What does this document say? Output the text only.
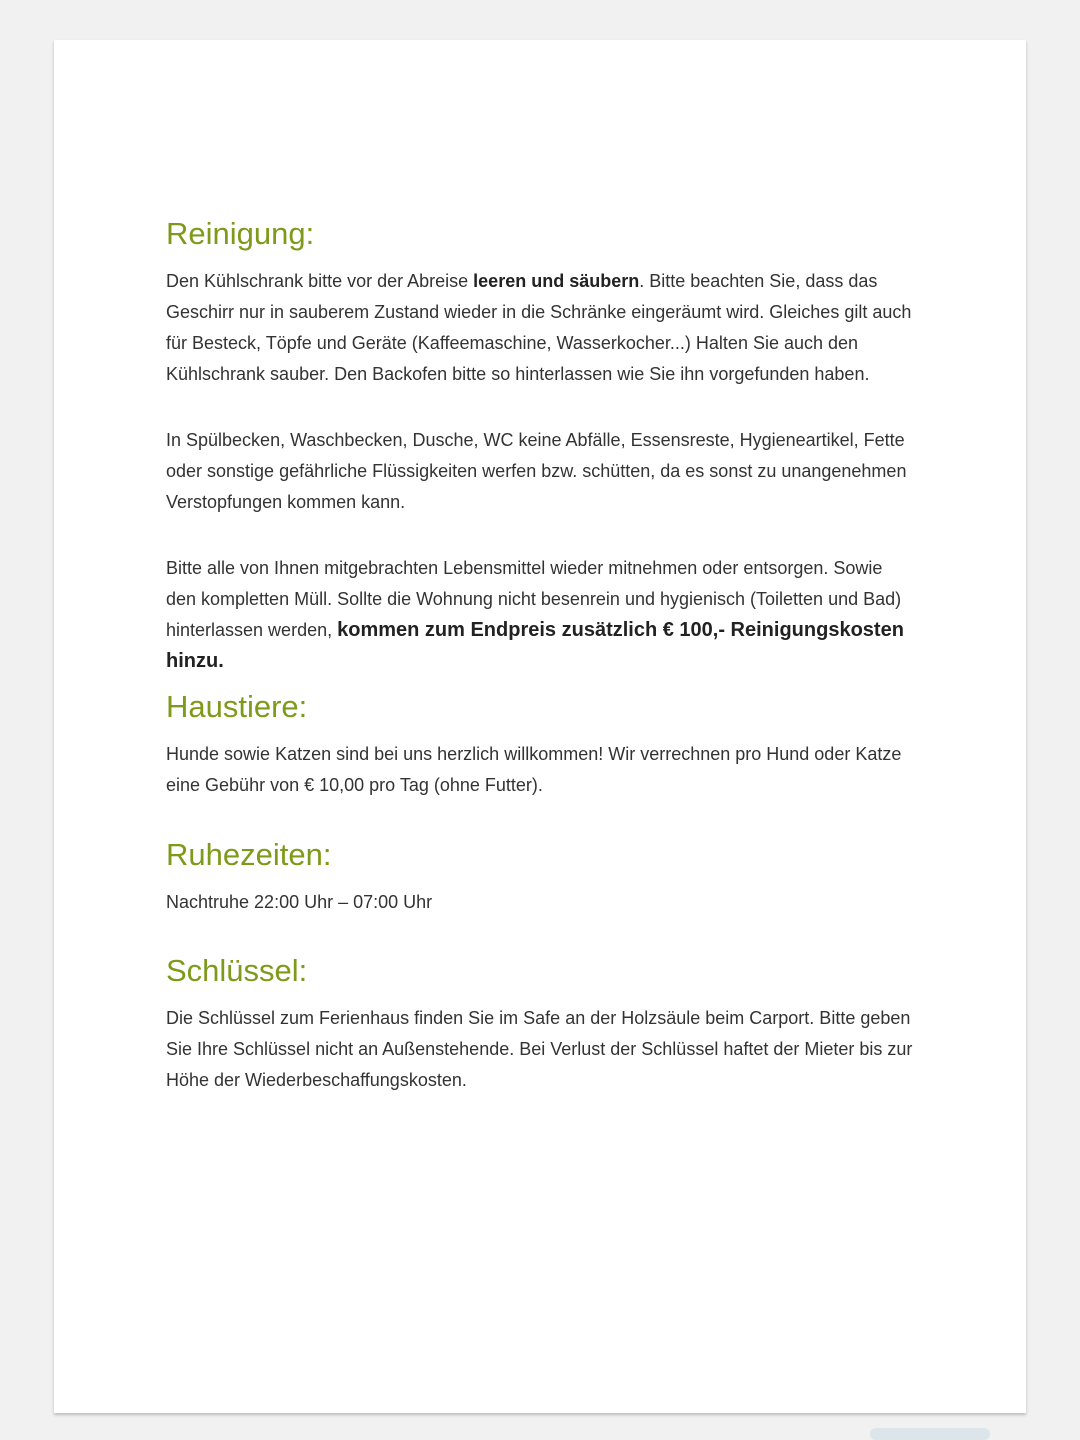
Reinigung:

Den Kühlschrank bitte vor der Abreise leeren und säubern. Bitte beachten Sie, dass das Geschirr nur in sauberem Zustand wieder in die Schränke eingeräumt wird. Gleiches gilt auch für Besteck, Töpfe und Geräte (Kaffeemaschine, Wasserkocher...) Halten Sie auch den Kühlschrank sauber. Den Backofen bitte so hinterlassen wie Sie ihn vorgefunden haben.

In Spülbecken, Waschbecken, Dusche, WC keine Abfälle, Essensreste, Hygieneartikel, Fette oder sonstige gefährliche Flüssigkeiten werfen bzw. schütten, da es sonst zu unangenehmen Verstopfungen kommen kann.

Bitte alle von Ihnen mitgebrachten Lebensmittel wieder mitnehmen oder entsorgen. Sowie den kompletten Müll. Sollte die Wohnung nicht besenrein und hygienisch (Toiletten und Bad) hinterlassen werden, kommen zum Endpreis zusätzlich € 100,- Reinigungskosten hinzu.

Haustiere:

Hunde sowie Katzen sind bei uns herzlich willkommen! Wir verrechnen pro Hund oder Katze eine Gebühr von € 10,00 pro Tag (ohne Futter).

Ruhezeiten:

Nachtruhe 22:00 Uhr – 07:00 Uhr

Schlüssel:

Die Schlüssel zum Ferienhaus finden Sie im Safe an der Holzsäule beim Carport. Bitte geben Sie Ihre Schlüssel nicht an Außenstehende. Bei Verlust der Schlüssel haftet der Mieter bis zur Höhe der Wiederbeschaffungskosten.
